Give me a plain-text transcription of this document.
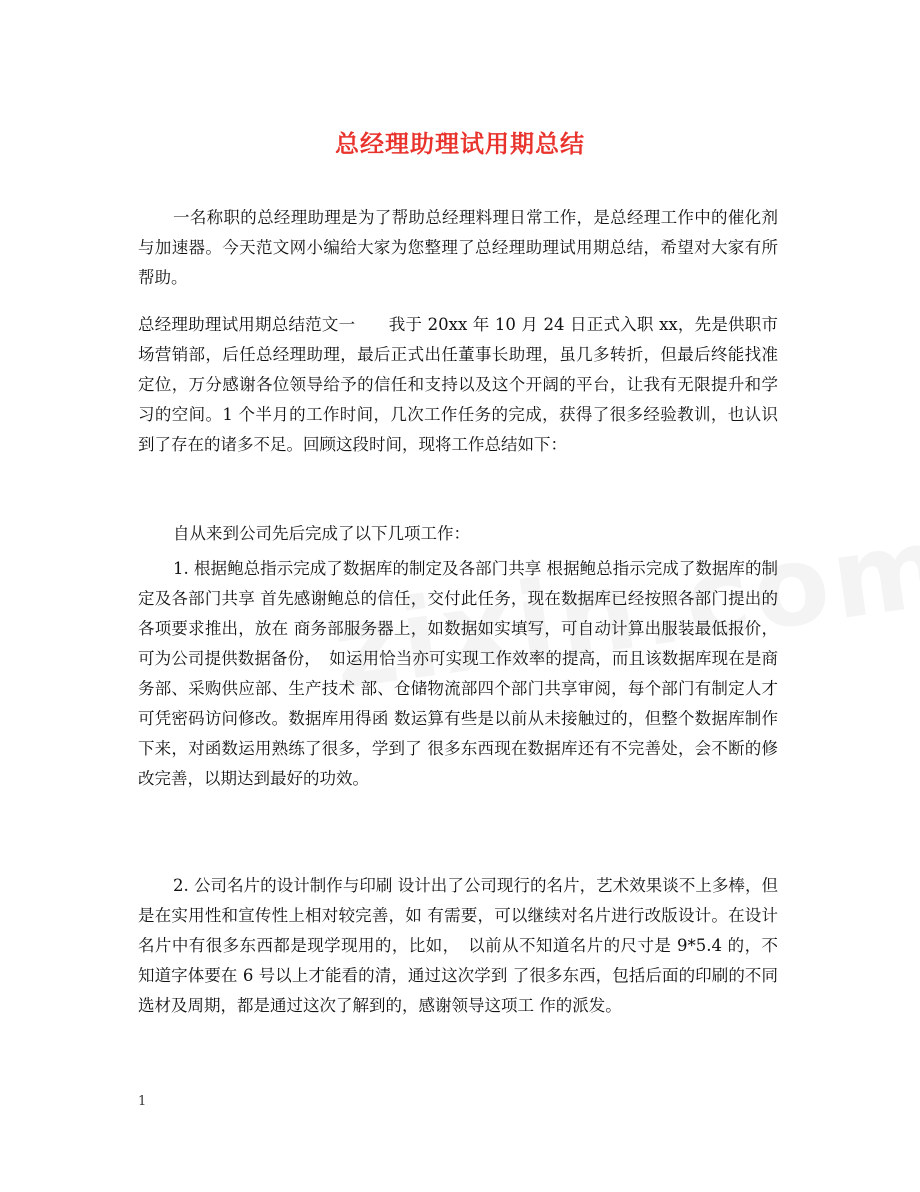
总经理助理试用期总结
一名称职的总经理助理是为了帮助总经理料理日常工作，是总经理工作中的催化剂与加速器。今天范文网小编给大家为您整理了总经理助理试用期总结，希望对大家有所帮助。
总经理助理试用期总结范文一　　我于 20xx 年 10 月 24 日正式入职 xx，先是供职市场营销部，后任总经理助理，最后正式出任董事长助理，虽几多转折，但最后终能找准定位，万分感谢各位领导给予的信任和支持以及这个开阔的平台，让我有无限提升和学习的空间。1 个半月的工作时间，几次工作任务的完成，获得了很多经验教训，也认识到了存在的诸多不足。回顾这段时间，现将工作总结如下：
自从来到公司先后完成了以下几项工作：
1. 根据鲍总指示完成了数据库的制定及各部门共享 根据鲍总指示完成了数据库的制定及各部门共享 首先感谢鲍总的信任，交付此任务，现在数据库已经按照各部门提出的各项要求推出，放在 商务部服务器上，如数据如实填写，可自动计算出服装最低报价，可为公司提供数据备份，　如运用恰当亦可实现工作效率的提高，而且该数据库现在是商务部、采购供应部、生产技术 部、仓储物流部四个部门共享审阅，每个部门有制定人才可凭密码访问修改。数据库用得函 数运算有些是以前从未接触过的，但整个数据库制作下来，对函数运用熟练了很多，学到了 很多东西现在数据库还有不完善处，会不断的修改完善，以期达到最好的功效。
2. 公司名片的设计制作与印刷 设计出了公司现行的名片，艺术效果谈不上多棒，但是在实用性和宣传性上相对较完善，如 有需要，可以继续对名片进行改版设计。在设计名片中有很多东西都是现学现用的，比如，　以前从不知道名片的尺寸是 9*5.4 的，不知道字体要在 6 号以上才能看的清，通过这次学到 了很多东西，包括后面的印刷的不同选材及周期，都是通过这次了解到的，感谢领导这项工 作的派发。
1
